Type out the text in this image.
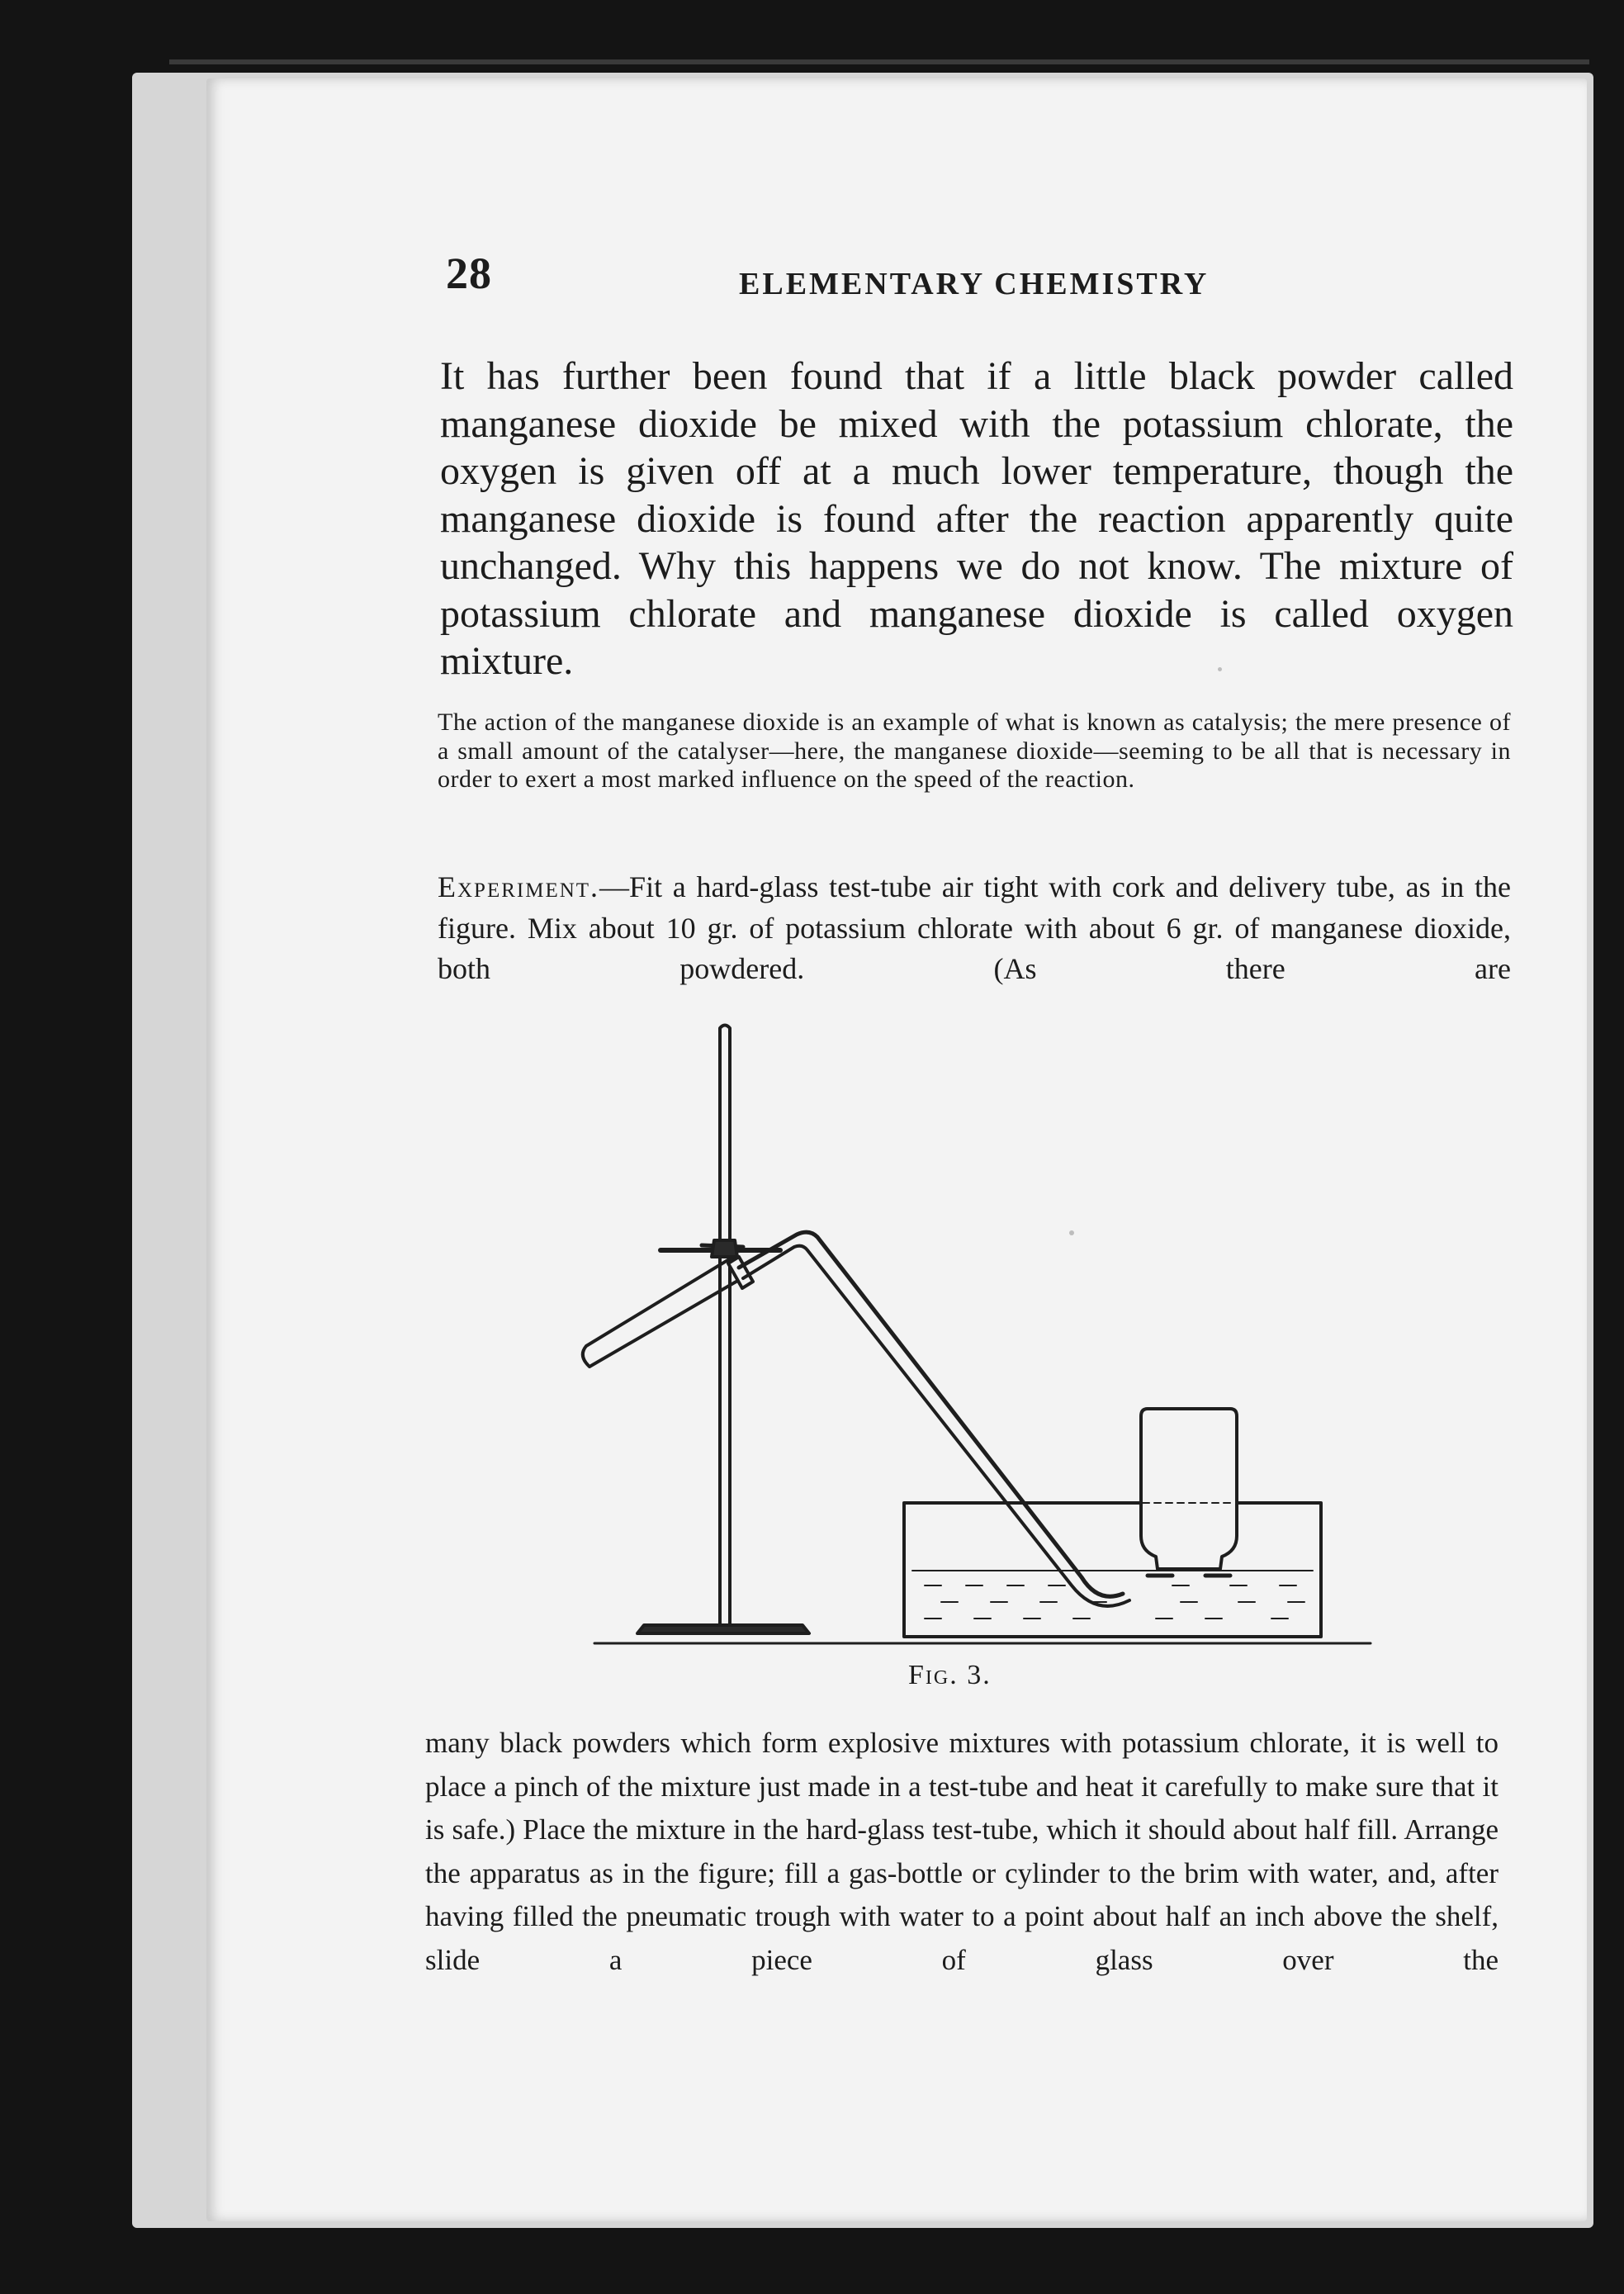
28	ELEMENTARY CHEMISTRY

It has further been found that if a little black powder called manganese dioxide be mixed with the potassium chlorate, the oxygen is given off at a much lower temperature, though the manganese dioxide is found after the reaction apparently quite unchanged. Why this happens we do not know. The mixture of potassium chlorate and manganese dioxide is called oxygen mixture.

The action of the manganese dioxide is an example of what is known as catalysis; the mere presence of a small amount of the catalyser—here, the manganese dioxide—seeming to be all that is necessary in order to exert a most marked influence on the speed of the reaction.

Experiment.—Fit a hard-glass test-tube air tight with cork and delivery tube, as in the figure. Mix about 10 gr. of potassium chlorate with about 6 gr. of manganese dioxide, both powdered. (As there are

Fig. 3.

many black powders which form explosive mixtures with potassium chlorate, it is well to place a pinch of the mixture just made in a test-tube and heat it carefully to make sure that it is safe.) Place the mixture in the hard-glass test-tube, which it should about half fill. Arrange the apparatus as in the figure; fill a gas-bottle or cylinder to the brim with water, and, after having filled the pneumatic trough with water to a point about half an inch above the shelf, slide a piece of glass over the
